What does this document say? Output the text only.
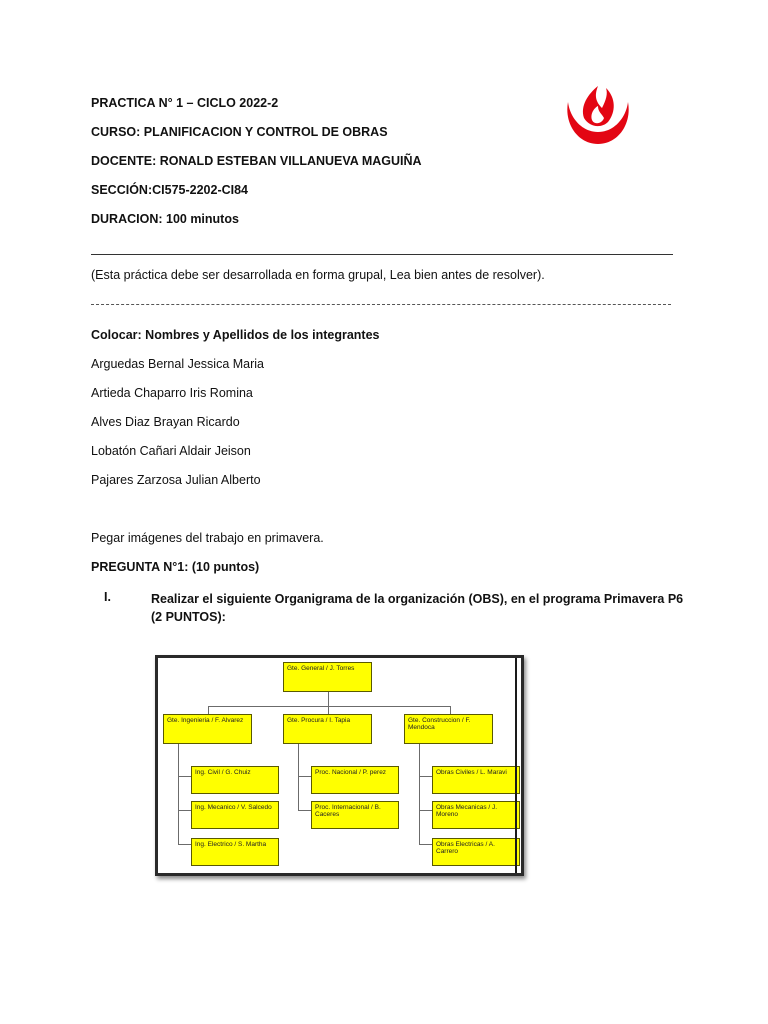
PRACTICA N° 1 – CICLO 2022-2
CURSO: PLANIFICACION Y CONTROL DE OBRAS
DOCENTE: RONALD ESTEBAN VILLANUEVA MAGUIÑA
SECCIÓN:CI575-2202-CI84
DURACION: 100 minutos
(Esta práctica debe ser desarrollada en forma grupal, Lea bien antes de resolver).
Colocar: Nombres y Apellidos de los integrantes
Arguedas Bernal Jessica Maria
Artieda Chaparro Iris Romina
Alves Diaz Brayan Ricardo
Lobatón Cañari Aldair Jeison
Pajares Zarzosa Julian Alberto
Pegar imágenes del trabajo en primavera.
PREGUNTA N°1: (10 puntos)
I.	Realizar el siguiente Organigrama de la organización (OBS), en el programa Primavera P6 (2 PUNTOS):
Gte. General / J. Torres
Gte. Ingenieria / F. Alvarez	Gte. Procura / I. Tapia	Gte. Construccion / F. Mendoca
Ing. Civil / G. Chuiz
Ing. Mecanico / V. Salcedo
Ing. Electrico / S. Martha
Proc. Nacional / P. perez
Proc. Internacional / B. Caceres
Obras Civiles / L. Maravi
Obras Mecanicas / J. Moreno
Obras Electricas / A. Carrero
